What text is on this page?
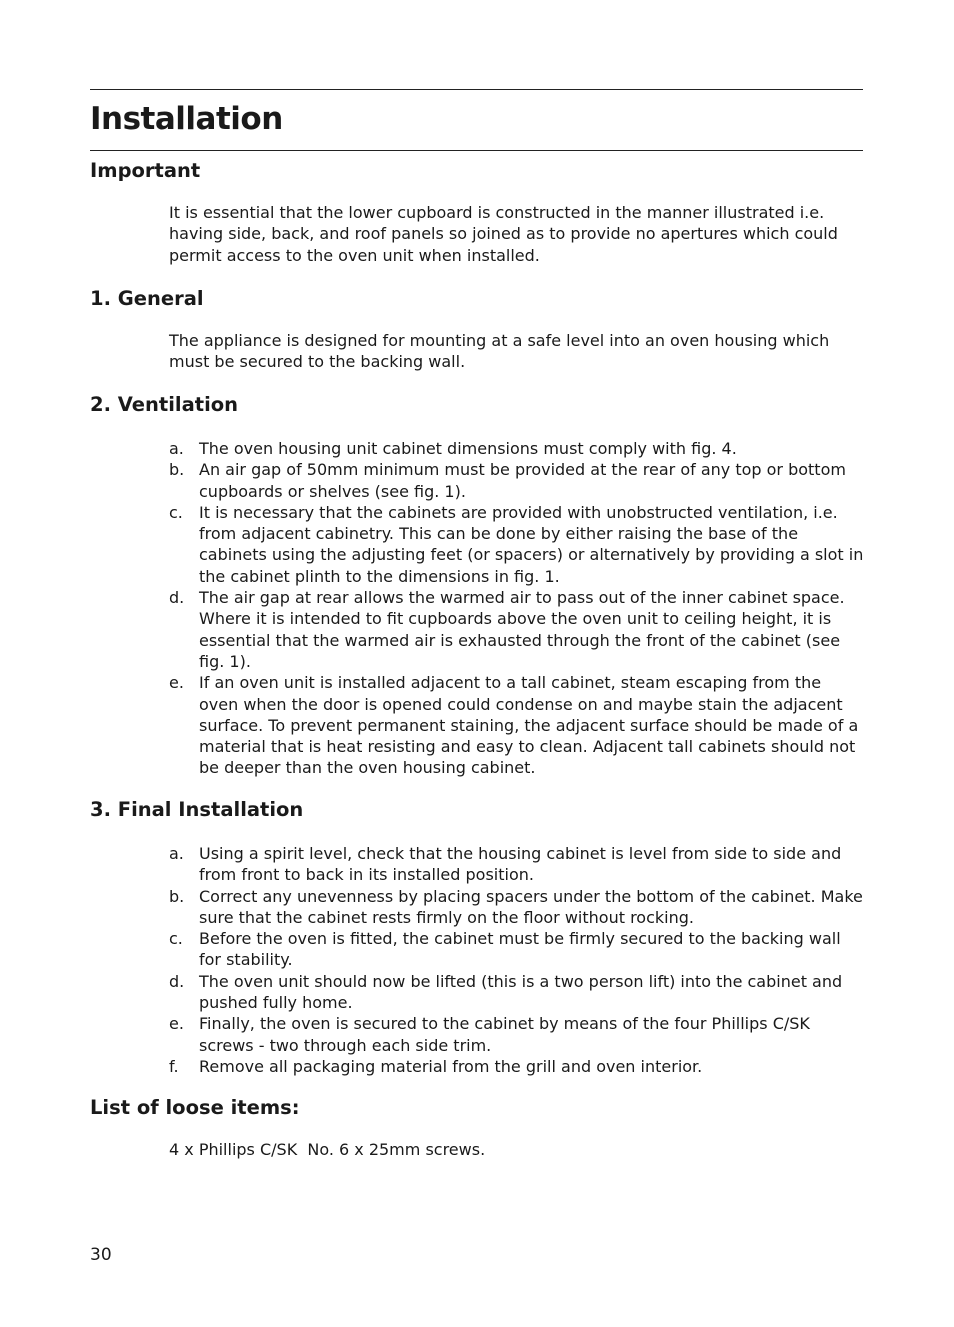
Installation
Important

It is essential that the lower cupboard is constructed in the manner illustrated i.e. having side, back, and roof panels so joined as to provide no apertures which could permit access to the oven unit when installed.

1. General

The appliance is designed for mounting at a safe level into an oven housing which must be secured to the backing wall.

2. Ventilation
a. The oven housing unit cabinet dimensions must comply with fig. 4.
b. An air gap of 50mm minimum must be provided at the rear of any top or bottom cupboards or shelves (see fig. 1).
c. It is necessary that the cabinets are provided with unobstructed ventilation, i.e. from adjacent cabinetry. This can be done by either raising the base of the cabinets using the adjusting feet (or spacers) or alternatively by providing a slot in the cabinet plinth to the dimensions in fig. 1.
d. The air gap at rear allows the warmed air to pass out of the inner cabinet space. Where it is intended to fit cupboards above the oven unit to ceiling height, it is essential that the warmed air is exhausted through the front of the cabinet (see fig. 1).
e. If an oven unit is installed adjacent to a tall cabinet, steam escaping from the oven when the door is opened could condense on and maybe stain the adjacent surface. To prevent permanent staining, the adjacent surface should be made of a material that is heat resisting and easy to clean. Adjacent tall cabinets should not be deeper than the oven housing cabinet.
3. Final Installation
a. Using a spirit level, check that the housing cabinet is level from side to side and from front to back in its installed position.
b. Correct any unevenness by placing spacers under the bottom of the cabinet. Make sure that the cabinet rests firmly on the floor without rocking.
c. Before the oven is fitted, the cabinet must be firmly secured to the backing wall for stability.
d. The oven unit should now be lifted (this is a two person lift) into the cabinet and pushed fully home.
e. Finally, the oven is secured to the cabinet by means of the four Phillips C/SK screws - two through each side trim.
f. Remove all packaging material from the grill and oven interior.
List of loose items:

4 x Phillips C/SK  No. 6 x 25mm screws.

30
